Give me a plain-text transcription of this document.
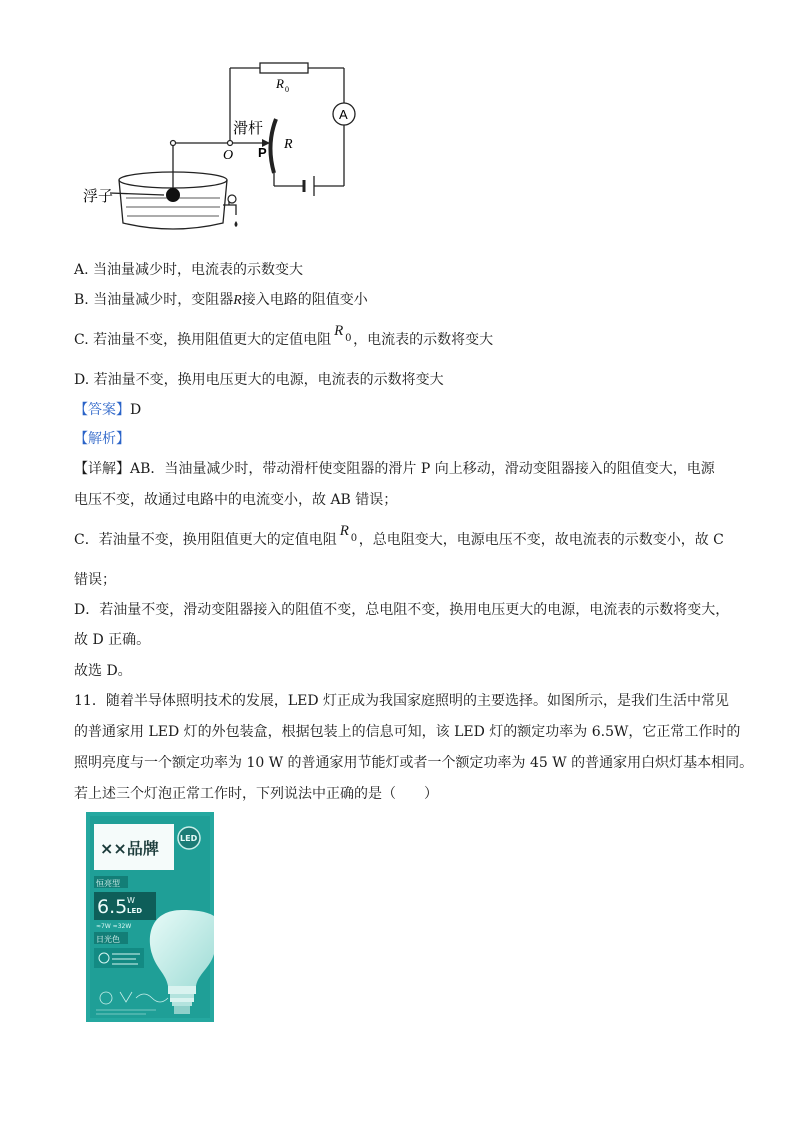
R 0
A
滑杆
O P
R
浮子
A. 当油量减少时，电流表的示数变大
B. 当油量减少时，变阻器R接入电路的阻值变小
C. 若油量不变，换用阻值更大的定值电阻
R 0 ，电流表的示数将变大
D. 若油量不变，换用电压更大的电源，电流表的示数将变大
【答案】D
【解析】
【详解】AB．当油量减少时，带动滑杆使变阻器的滑片 P 向上移动，滑动变阻器接入的阻值变大，电源
电压不变，故通过电路中的电流变小，故 AB 错误；
C．若油量不变，换用阻值更大的定值电阻
R 0 ，总电阻变大，电源电压不变，故电流表的示数变小，故 C
错误；
D．若油量不变，滑动变阻器接入的阻值不变，总电阻不变，换用电压更大的电源，电流表的示数将变大，
故 D 正确。
故选 D。
11．随着半导体照明技术的发展，LED 灯正成为我国家庭照明的主要选择。如图所示，是我们生活中常见
的普通家用 LED 灯的外包装盒，根据包装上的信息可知，该 LED 灯的额定功率为 6.5W，它正常工作时的
照明亮度与一个额定功率为 10 W 的普通家用节能灯或者一个额定功率为 45 W 的普通家用白炽灯基本相同。
若上述三个灯泡正常工作时，下列说法中正确的是（　　）
××品牌
LED
恒亮型
6.5 W
LED
≈7W ≈32W
日光色
